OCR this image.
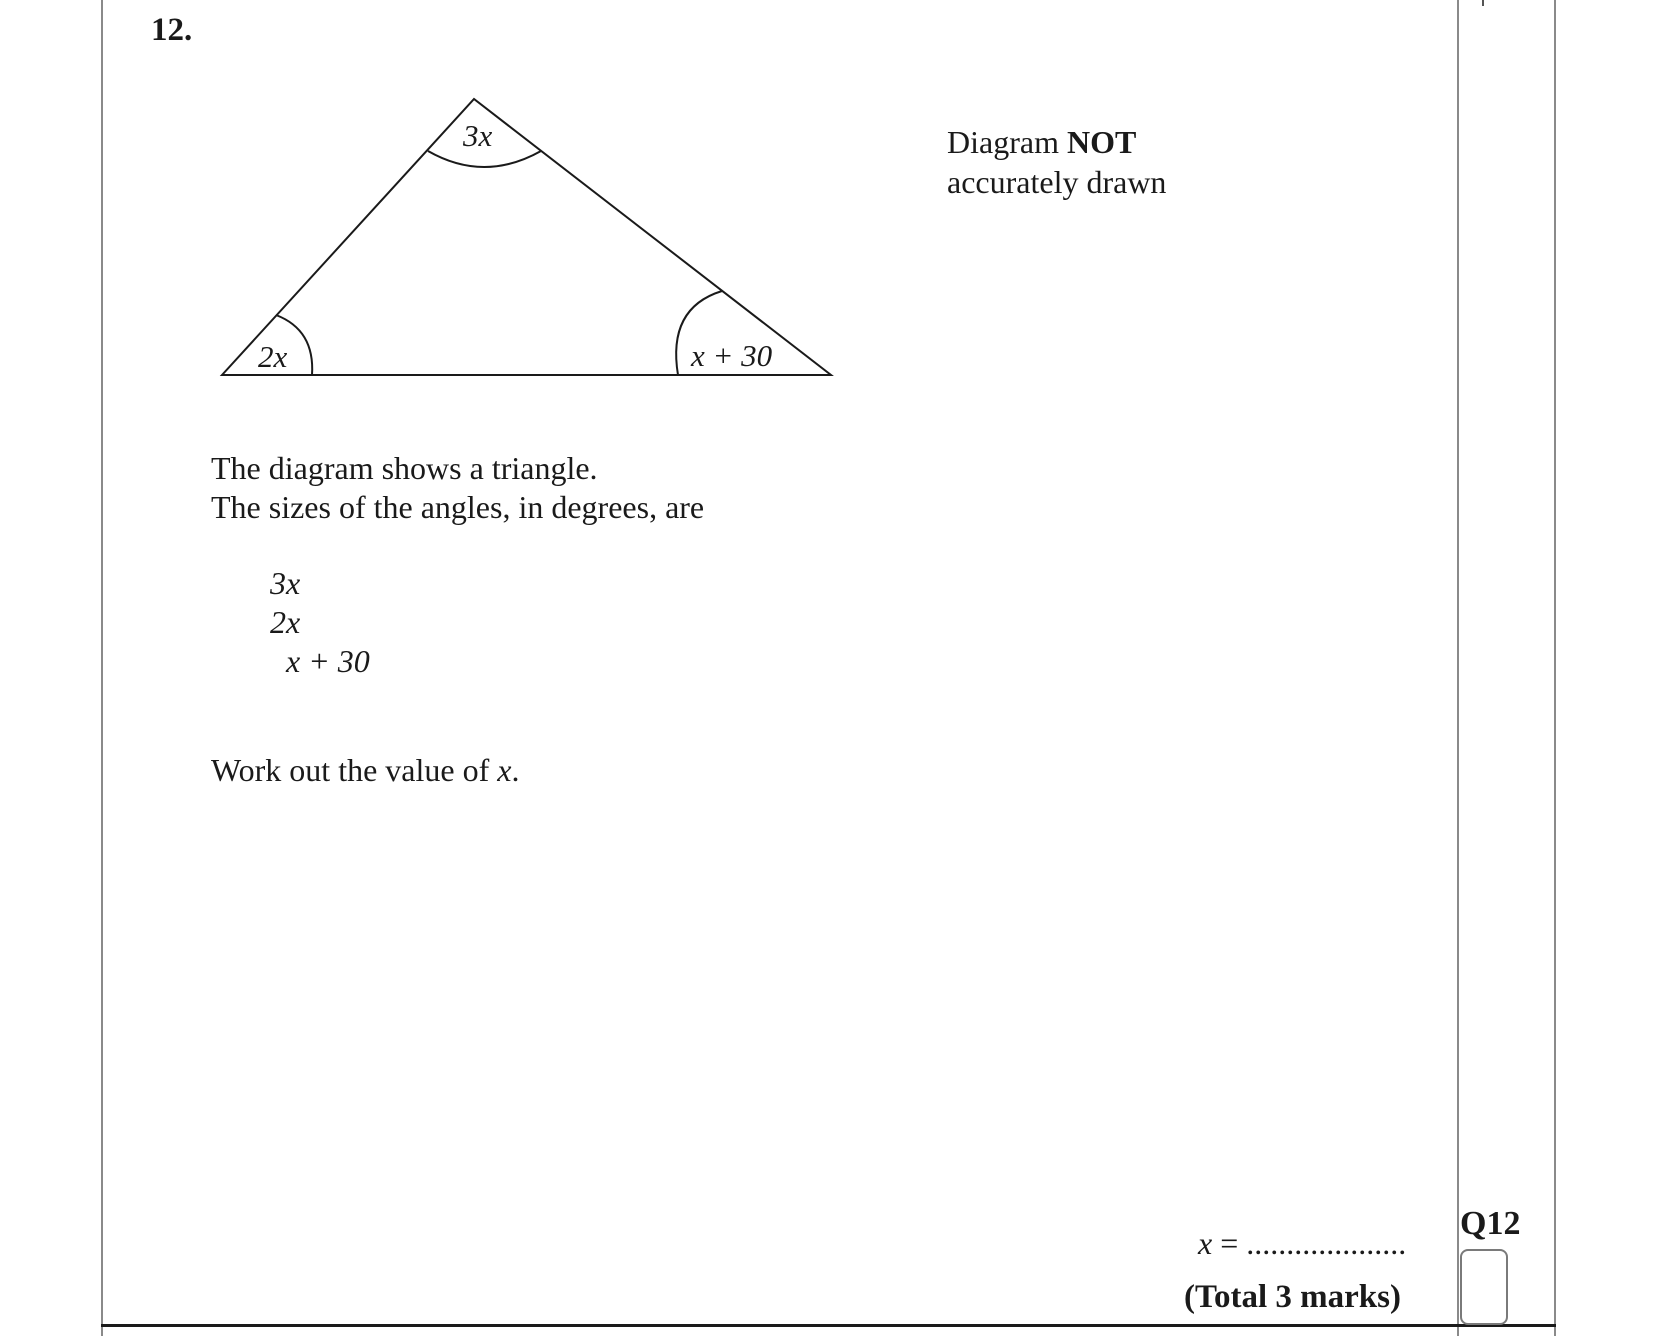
12.
3x
2x	x + 30
Diagram NOT
accurately drawn
The diagram shows a triangle.
The sizes of the angles, in degrees, are
3x
2x
x + 30
Work out the value of x.
x = ....................
(Total 3 marks)
Q12
